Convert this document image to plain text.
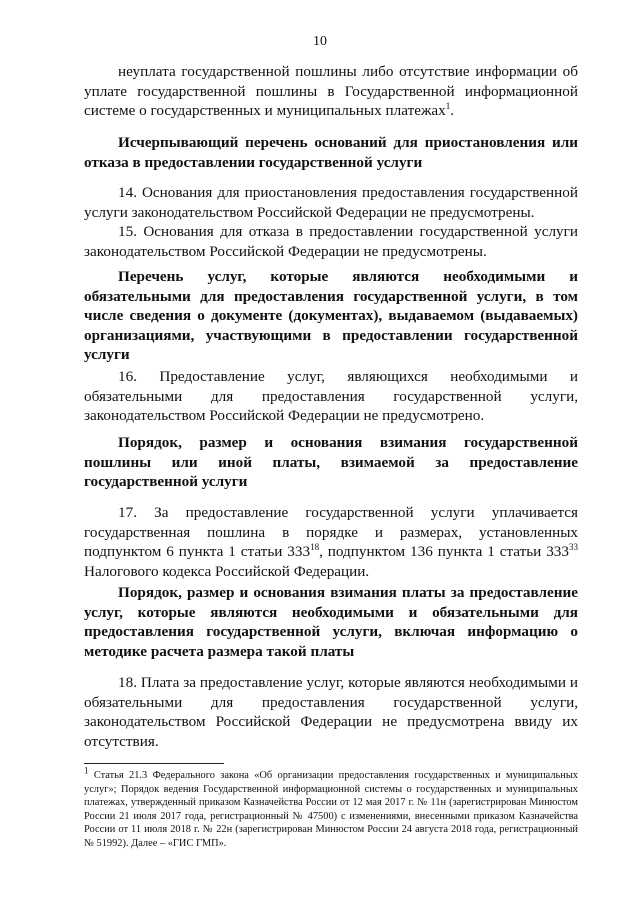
10

неуплата государственной пошлины либо отсутствие информации об уплате государственной пошлины в Государственной информационной системе о государственных и муниципальных платежах$^1$.

Исчерпывающий перечень оснований для приостановления или отказа в предоставлении государственной услуги

14. Основания для приостановления предоставления государственной услуги законодательством Российской Федерации не предусмотрены.

15. Основания для отказа в предоставлении государственной услуги законодательством Российской Федерации не предусмотрены.

Перечень услуг, которые являются необходимыми и обязательными для предоставления государственной услуги, в том числе сведения о документе (документах), выдаваемом (выдаваемых) организациями, участвующими в предоставлении государственной услуги

16. Предоставление услуг, являющихся необходимыми и обязательными для предоставления государственной услуги, законодательством Российской Федерации не предусмотрено.

Порядок, размер и основания взимания государственной пошлины или иной платы, взимаемой за предоставление государственной услуги

17. За предоставление государственной услуги уплачивается государственная пошлина в порядке и размерах, установленных подпунктом 6 пункта 1 статьи $333^{18}$, подпунктом 136 пункта 1 статьи $333^{33}$ Налогового кодекса Российской Федерации.

Порядок, размер и основания взимания платы за предоставление услуг, которые являются необходимыми и обязательными для предоставления государственной услуги, включая информацию о методике расчета размера такой платы

18. Плата за предоставление услуг, которые являются необходимыми и обязательными для предоставления государственной услуги, законодательством Российской Федерации не предусмотрена ввиду их отсутствия.

$^1$ Статья 21.3 Федерального закона «Об организации предоставления государственных и муниципальных услуг»; Порядок ведения Государственной информационной системы о государственных и муниципальных платежах, утвержденный приказом Казначейства России от 12 мая 2017 г. № 11н (зарегистрирован Минюстом России 21 июля 2017 года, регистрационный № 47500) с изменениями, внесенными приказом Казначейства России от 11 июля 2018 г. № 22н (зарегистрирован Минюстом России 24 августа 2018 года, регистрационный № 51992). Далее – «ГИС ГМП».
